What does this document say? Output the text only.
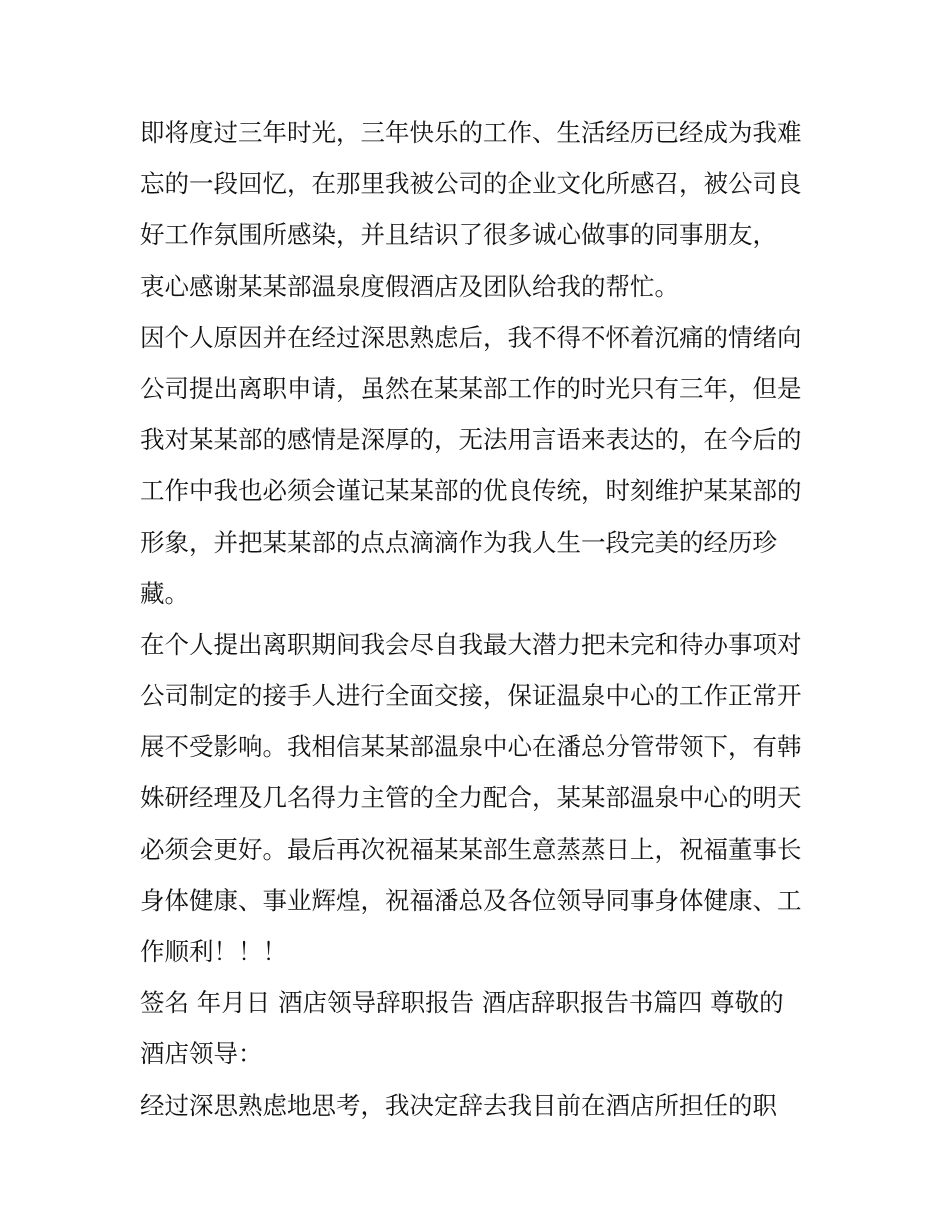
即将度过三年时光，三年快乐的工作、生活经历已经成为我难
忘的一段回忆，在那里我被公司的企业文化所感召，被公司良
好工作氛围所感染，并且结识了很多诚心做事的同事朋友，
衷心感谢某某部温泉度假酒店及团队给我的帮忙。
因个人原因并在经过深思熟虑后，我不得不怀着沉痛的情绪向
公司提出离职申请，虽然在某某部工作的时光只有三年，但是
我对某某部的感情是深厚的，无法用言语来表达的，在今后的
工作中我也必须会谨记某某部的优良传统，时刻维护某某部的
形象，并把某某部的点点滴滴作为我人生一段完美的经历珍
藏。
在个人提出离职期间我会尽自我最大潜力把未完和待办事项对
公司制定的接手人进行全面交接，保证温泉中心的工作正常开
展不受影响。我相信某某部温泉中心在潘总分管带领下，有韩
姝研经理及几名得力主管的全力配合，某某部温泉中心的明天
必须会更好。最后再次祝福某某部生意蒸蒸日上，祝福董事长
身体健康、事业辉煌，祝福潘总及各位领导同事身体健康、工
作顺利！！！
签名 年月日 酒店领导辞职报告 酒店辞职报告书篇四 尊敬的
酒店领导：
经过深思熟虑地思考，我决定辞去我目前在酒店所担任的职
